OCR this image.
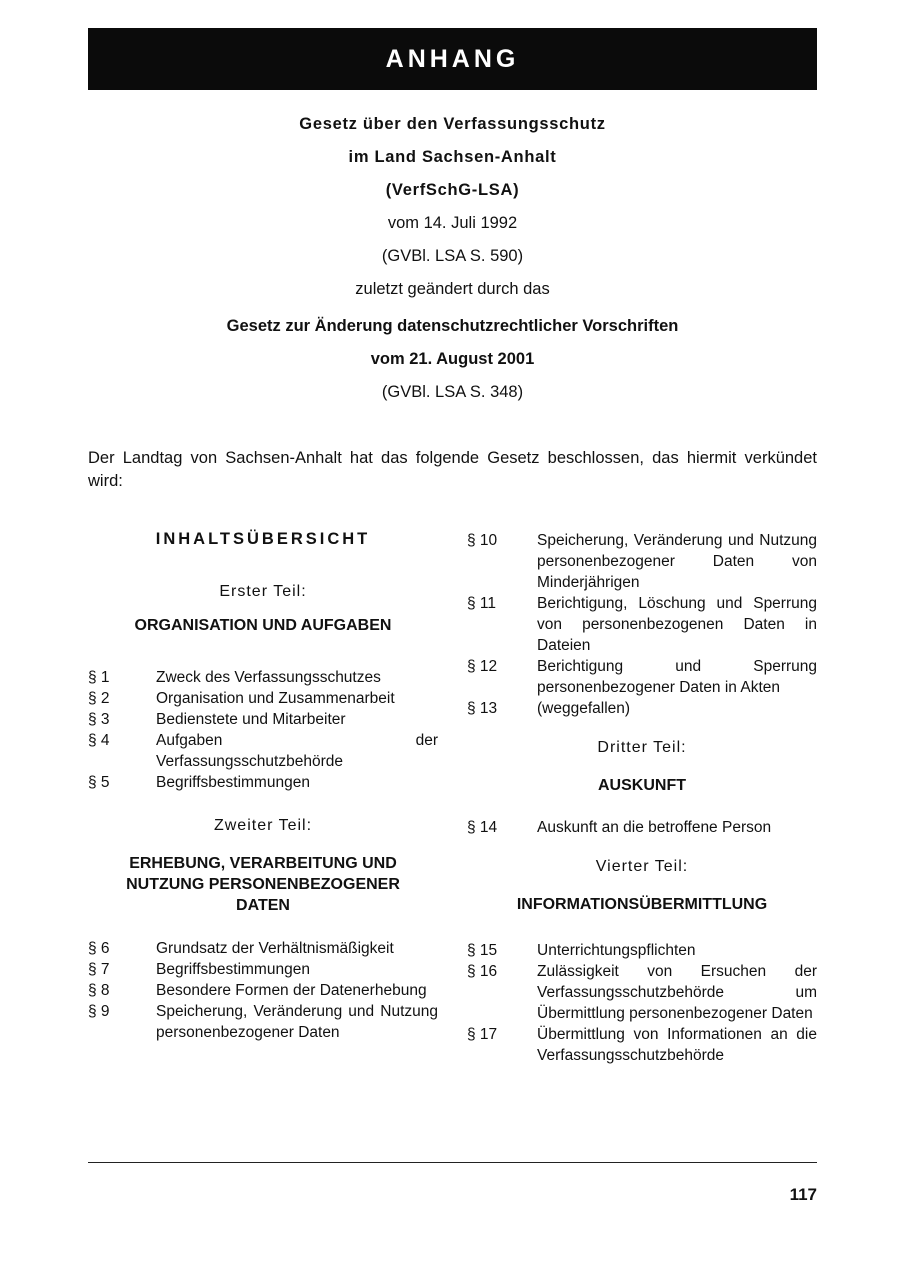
ANHANG
Gesetz über den Verfassungsschutz
im Land Sachsen-Anhalt
(VerfSchG-LSA)
vom 14. Juli 1992
(GVBl. LSA S. 590)
zuletzt geändert durch das
Gesetz zur Änderung datenschutzrechtlicher Vorschriften
vom 21. August 2001
(GVBl. LSA S. 348)
Der Landtag von Sachsen-Anhalt hat das folgende Gesetz beschlossen, das hiermit verkündet wird:

INHALTSÜBERSICHT

Erster Teil:

ORGANISATION UND AUFGABEN

§ 1	Zweck des Verfassungsschutzes
§ 2	Organisation und Zusammenarbeit
§ 3	Bedienstete und Mitarbeiter
§ 4	Aufgaben der Verfassungsschutzbehörde
§ 5	Begriffsbestimmungen

Zweiter Teil:

ERHEBUNG, VERARBEITUNG UND NUTZUNG PERSONENBEZOGENER DATEN

§ 6	Grundsatz der Verhältnismäßigkeit
§ 7	Begriffsbestimmungen
§ 8	Besondere Formen der Datenerhebung
§ 9	Speicherung, Veränderung und Nutzung personenbezogener Daten
§ 10	Speicherung, Veränderung und Nutzung personenbezogener Daten von Minderjährigen
§ 11	Berichtigung, Löschung und Sperrung von personenbezogenen Daten in Dateien
§ 12	Berichtigung und Sperrung personenbezogener Daten in Akten
§ 13	(weggefallen)

Dritter Teil:

AUSKUNFT

§ 14	Auskunft an die betroffene Person

Vierter Teil:

INFORMATIONSÜBERMITTLUNG

§ 15	Unterrichtungspflichten
§ 16	Zulässigkeit von Ersuchen der Verfassungsschutzbehörde um Übermittlung personenbezogener Daten
§ 17	Übermittlung von Informationen an die Verfassungsschutzbehörde
117
